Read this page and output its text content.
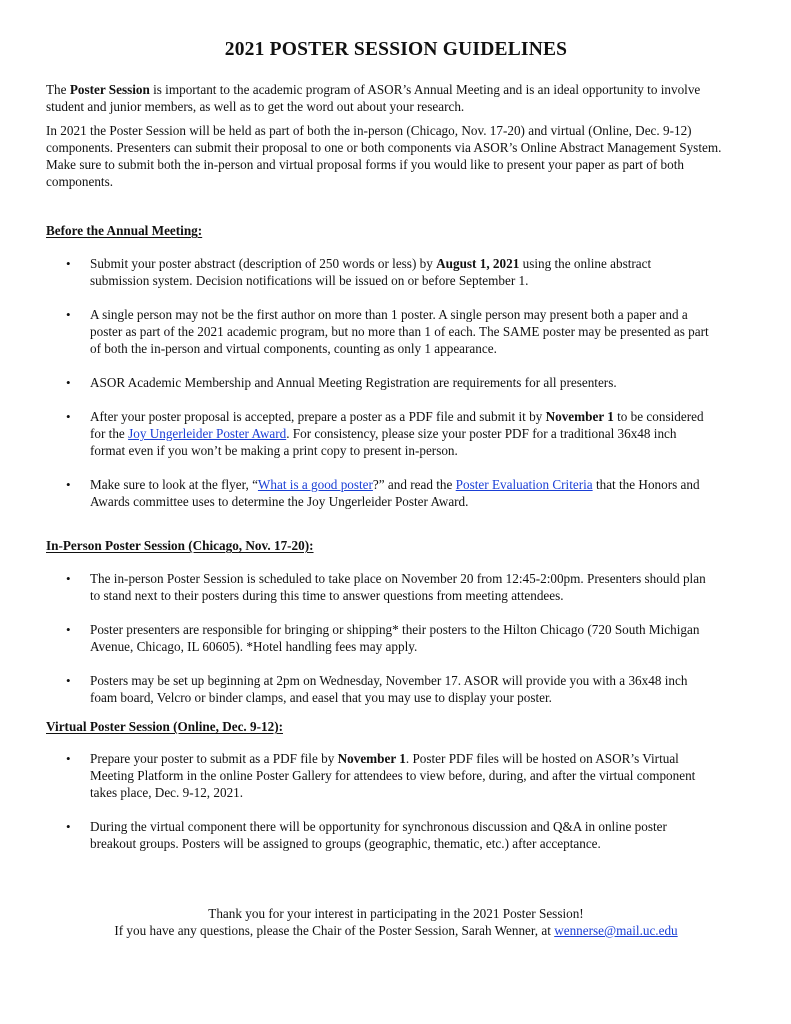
2021 POSTER SESSION GUIDELINES

The Poster Session is important to the academic program of ASOR’s Annual Meeting and is an ideal opportunity to involve student and junior members, as well as to get the word out about your research.

In 2021 the Poster Session will be held as part of both the in-person (Chicago, Nov. 17-20) and virtual (Online, Dec. 9-12) components. Presenters can submit their proposal to one or both components via ASOR’s Online Abstract Management System. Make sure to submit both the in-person and virtual proposal forms if you would like to present your paper as part of both components.

Before the Annual Meeting:
• Submit your poster abstract (description of 250 words or less) by August 1, 2021 using the online abstract submission system. Decision notifications will be issued on or before September 1.
• A single person may not be the first author on more than 1 poster. A single person may present both a paper and a poster as part of the 2021 academic program, but no more than 1 of each. The SAME poster may be presented as part of both the in-person and virtual components, counting as only 1 appearance.
• ASOR Academic Membership and Annual Meeting Registration are requirements for all presenters.
• After your poster proposal is accepted, prepare a poster as a PDF file and submit it by November 1 to be considered for the Joy Ungerleider Poster Award. For consistency, please size your poster PDF for a traditional 36x48 inch format even if you won’t be making a print copy to present in-person.
• Make sure to look at the flyer, “What is a good poster?” and read the Poster Evaluation Criteria that the Honors and Awards committee uses to determine the Joy Ungerleider Poster Award.
In-Person Poster Session (Chicago, Nov. 17-20):
• The in-person Poster Session is scheduled to take place on November 20 from 12:45-2:00pm. Presenters should plan to stand next to their posters during this time to answer questions from meeting attendees.
• Poster presenters are responsible for bringing or shipping* their posters to the Hilton Chicago (720 South Michigan Avenue, Chicago, IL 60605). *Hotel handling fees may apply.
• Posters may be set up beginning at 2pm on Wednesday, November 17. ASOR will provide you with a 36x48 inch foam board, Velcro or binder clamps, and easel that you may use to display your poster.
Virtual Poster Session (Online, Dec. 9-12):
• Prepare your poster to submit as a PDF file by November 1. Poster PDF files will be hosted on ASOR’s Virtual Meeting Platform in the online Poster Gallery for attendees to view before, during, and after the virtual component takes place, Dec. 9-12, 2021.
• During the virtual component there will be opportunity for synchronous discussion and Q&A in online poster breakout groups. Posters will be assigned to groups (geographic, thematic, etc.) after acceptance.
Thank you for your interest in participating in the 2021 Poster Session!
If you have any questions, please the Chair of the Poster Session, Sarah Wenner, at wennerse@mail.uc.edu
